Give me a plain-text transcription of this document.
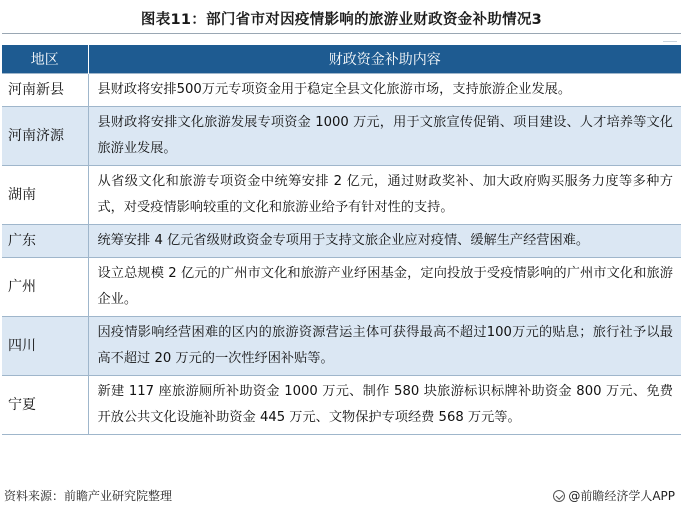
图表11：部门省市对因疫情影响的旅游业财政资金补助情况3
地区	财政资金补助内容
河南新县	县财政将安排500万元专项资金用于稳定全县文化旅游市场，支持旅游企业发展。
河南济源	县财政将安排文化旅游发展专项资金 1000 万元，用于文旅宣传促销、项目建设、人才培养等文化旅游业发展。
湖南	从省级文化和旅游专项资金中统筹安排 2 亿元，通过财政奖补、加大政府购买服务力度等多种方式，对受疫情影响较重的文化和旅游业给予有针对性的支持。
广东	统筹安排 4 亿元省级财政资金专项用于支持文旅企业应对疫情、缓解生产经营困难。
广州	设立总规模 2 亿元的广州市文化和旅游产业纾困基金，定向投放于受疫情影响的广州市文化和旅游企业。
四川	因疫情影响经营困难的区内的旅游资源营运主体可获得最高不超过100万元的贴息；旅行社予以最高不超过 20 万元的一次性纾困补贴等。
宁夏	新建 117 座旅游厕所补助资金 1000 万元、制作 580 块旅游标识标牌补助资金 800 万元、免费开放公共文化设施补助资金 445 万元、文物保护专项经费 568 万元等。
资料来源：前瞻产业研究院整理	@前瞻经济学人APP
